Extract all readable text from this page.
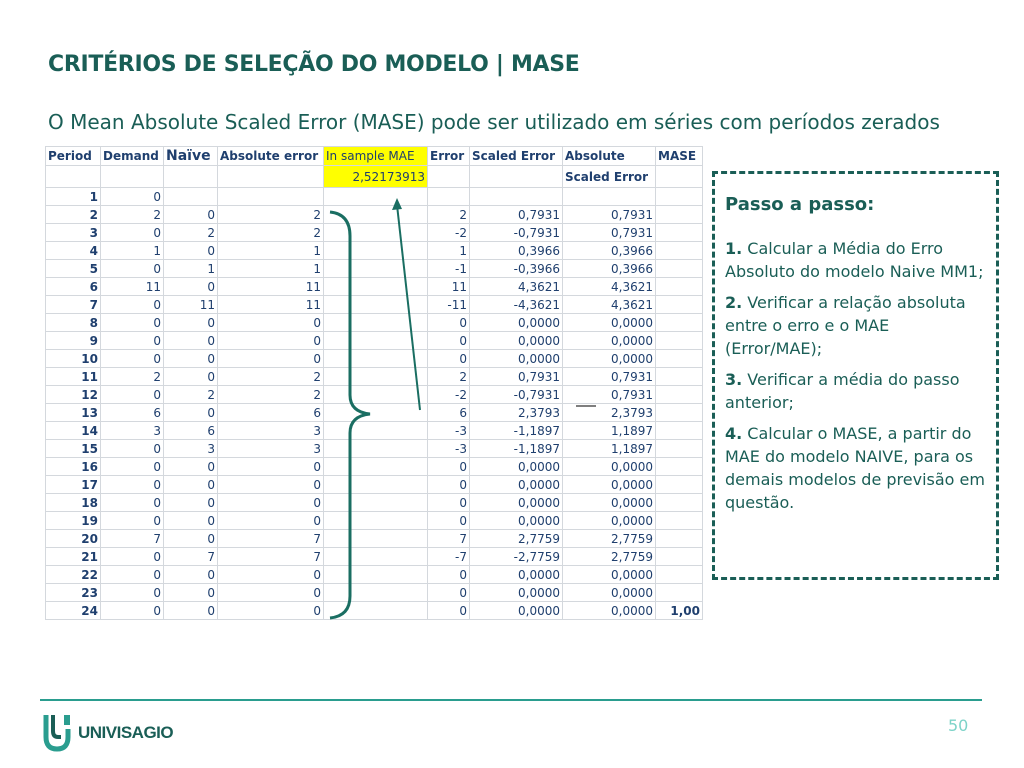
CRITÉRIOS DE SELEÇÃO DO MODELO | MASE
O Mean Absolute Scaled Error (MASE) pode ser utilizado em séries com períodos zerados
Period	Demand	Naïve	Absolute error	In sample MAE	Error	Scaled Error	Absolute	MASE
				2,52173913			Scaled Error	
1	0							
2	2	0	2		2	0,7931	0,7931	
3	0	2	2		-2	-0,7931	0,7931	
4	1	0	1		1	0,3966	0,3966	
5	0	1	1		-1	-0,3966	0,3966	
6	11	0	11		11	4,3621	4,3621	
7	0	11	11		-11	-4,3621	4,3621	
8	0	0	0		0	0,0000	0,0000	
9	0	0	0		0	0,0000	0,0000	
10	0	0	0		0	0,0000	0,0000	
11	2	0	2		2	0,7931	0,7931	
12	0	2	2		-2	-0,7931	0,7931	
13	6	0	6		6	2,3793	2,3793	
14	3	6	3		-3	-1,1897	1,1897	
15	0	3	3		-3	-1,1897	1,1897	
16	0	0	0		0	0,0000	0,0000	
17	0	0	0		0	0,0000	0,0000	
18	0	0	0		0	0,0000	0,0000	
19	0	0	0		0	0,0000	0,0000	
20	7	0	7		7	2,7759	2,7759	
21	0	7	7		-7	-2,7759	2,7759	
22	0	0	0		0	0,0000	0,0000	
23	0	0	0		0	0,0000	0,0000	
24	0	0	0		0	0,0000	0,0000	1,00
Passo a passo:

1. Calcular a Média do Erro Absoluto do modelo Naive MM1;

2. Verificar a relação absoluta entre o erro e o MAE (Error/MAE);

3. Verificar a média do passo anterior;

4. Calcular o MASE, a partir do MAE do modelo NAIVE, para os demais modelos de previsão em questão.

UNIVISAGIO	50
